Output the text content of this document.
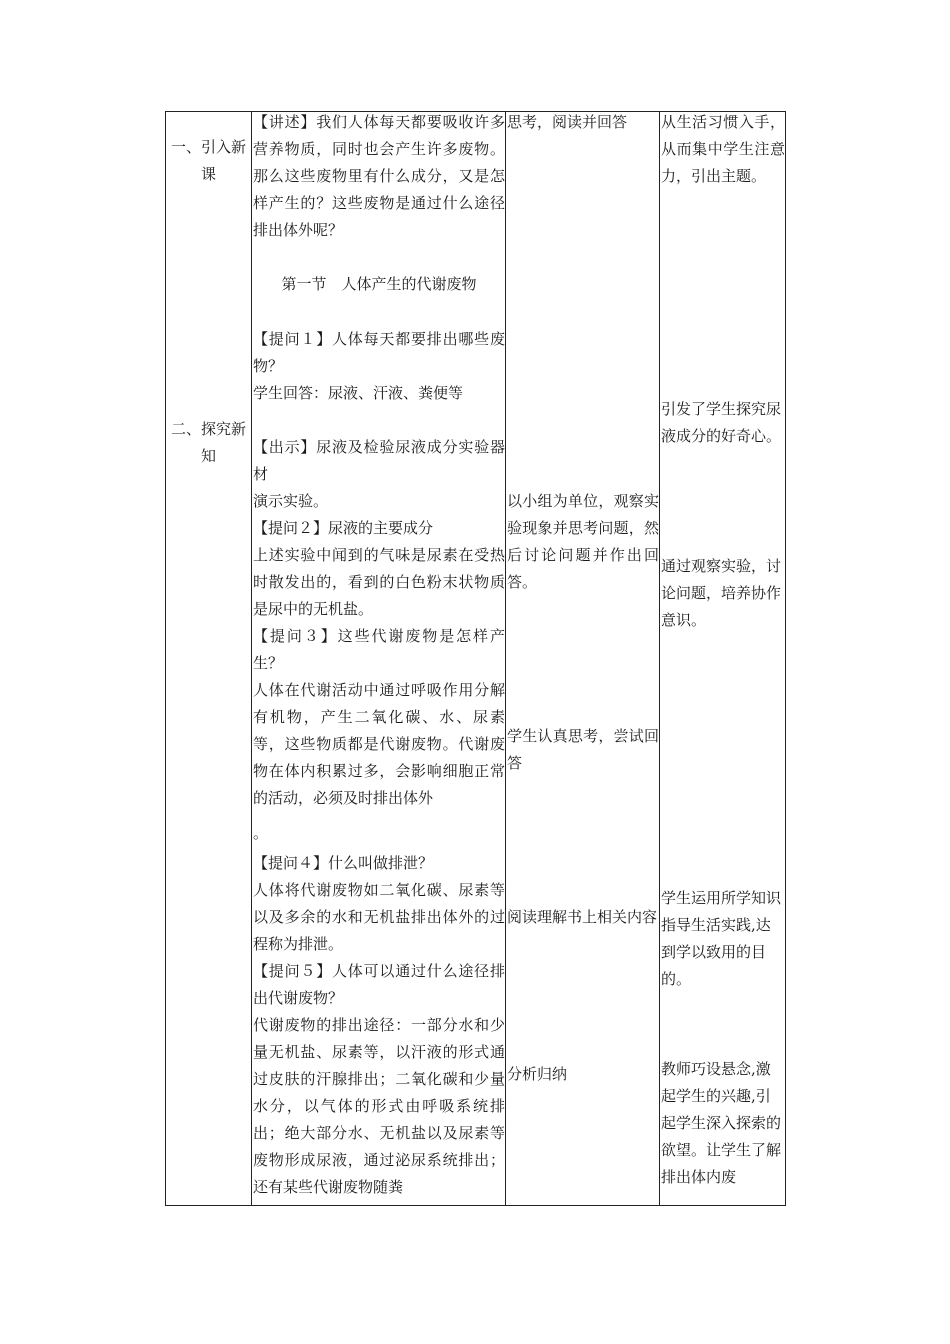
一、引入新课
二、探究新知
【讲述】我们人体每天都要吸收许多营养物质，同时也会产生许多废物。那么这些废物里有什么成分，又是怎样产生的？这些废物是通过什么途径排出体外呢？
第一节　人体产生的代谢废物
【提问１】人体每天都要排出哪些废物？
学生回答：尿液、汗液、粪便等
【出示】尿液及检验尿液成分实验器材
演示实验。
【提问２】尿液的主要成分
上述实验中闻到的气味是尿素在受热时散发出的，看到的白色粉末状物质是尿中的无机盐。
【提问３】这些代谢废物是怎样产生？
人体在代谢活动中通过呼吸作用分解有机物，产生二氧化碳、水、尿素等，这些物质都是代谢废物。代谢废物在体内积累过多，会影响细胞正常的活动，必须及时排出体外
。
【提问４】什么叫做排泄？
人体将代谢废物如二氧化碳、尿素等以及多余的水和无机盐排出体外的过程称为排泄。
【提问５】人体可以通过什么途径排出代谢废物？
代谢废物的排出途径：一部分水和少量无机盐、尿素等，以汗液的形式通过皮肤的汗腺排出；二氧化碳和少量水分，以气体的形式由呼吸系统排出；绝大部分水、无机盐以及尿素等废物形成尿液，通过泌尿系统排出；还有某些代谢废物随粪
思考，阅读并回答
以小组为单位，观察实验现象并思考问题，然后讨论问题并作出回答。
学生认真思考，尝试回答
阅读理解书上相关内容
分析归纳
从生活习惯入手，从而集中学生注意力，引出主题。
引发了学生探究尿液成分的好奇心。
通过观察实验，讨论问题，培养协作意识。
学生运用所学知识指导生活实践,达到学以致用的目的。
教师巧设悬念,激起学生的兴趣,引起学生深入探索的欲望。让学生了解排出体内废
